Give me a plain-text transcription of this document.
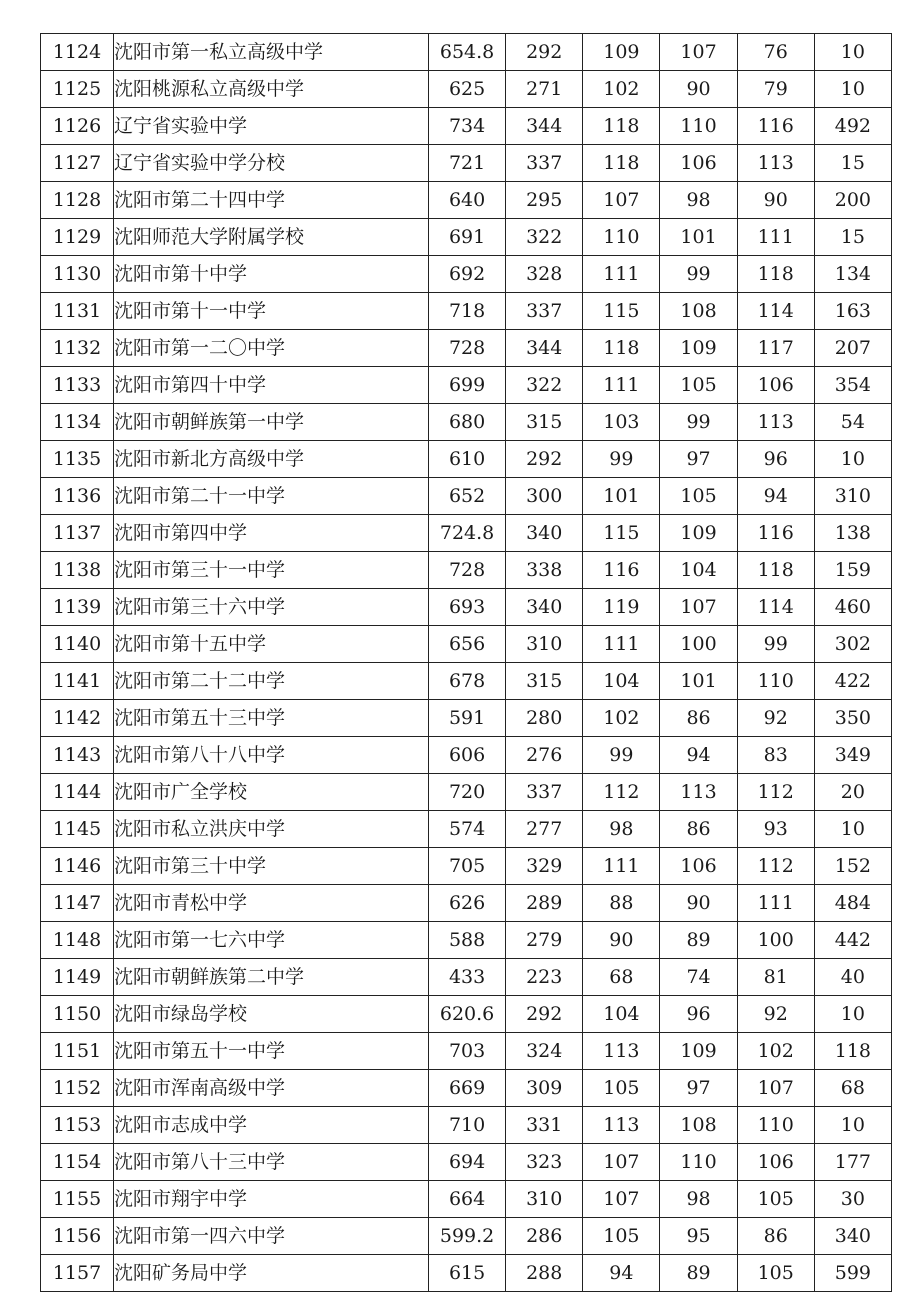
1124	沈阳市第一私立高级中学	654.8	292	109	107	76	10
1125	沈阳桃源私立高级中学	625	271	102	90	79	10
1126	辽宁省实验中学	734	344	118	110	116	492
1127	辽宁省实验中学分校	721	337	118	106	113	15
1128	沈阳市第二十四中学	640	295	107	98	90	200
1129	沈阳师范大学附属学校	691	322	110	101	111	15
1130	沈阳市第十中学	692	328	111	99	118	134
1131	沈阳市第十一中学	718	337	115	108	114	163
1132	沈阳市第一二〇中学	728	344	118	109	117	207
1133	沈阳市第四十中学	699	322	111	105	106	354
1134	沈阳市朝鲜族第一中学	680	315	103	99	113	54
1135	沈阳市新北方高级中学	610	292	99	97	96	10
1136	沈阳市第二十一中学	652	300	101	105	94	310
1137	沈阳市第四中学	724.8	340	115	109	116	138
1138	沈阳市第三十一中学	728	338	116	104	118	159
1139	沈阳市第三十六中学	693	340	119	107	114	460
1140	沈阳市第十五中学	656	310	111	100	99	302
1141	沈阳市第二十二中学	678	315	104	101	110	422
1142	沈阳市第五十三中学	591	280	102	86	92	350
1143	沈阳市第八十八中学	606	276	99	94	83	349
1144	沈阳市广全学校	720	337	112	113	112	20
1145	沈阳市私立洪庆中学	574	277	98	86	93	10
1146	沈阳市第三十中学	705	329	111	106	112	152
1147	沈阳市青松中学	626	289	88	90	111	484
1148	沈阳市第一七六中学	588	279	90	89	100	442
1149	沈阳市朝鲜族第二中学	433	223	68	74	81	40
1150	沈阳市绿岛学校	620.6	292	104	96	92	10
1151	沈阳市第五十一中学	703	324	113	109	102	118
1152	沈阳市浑南高级中学	669	309	105	97	107	68
1153	沈阳市志成中学	710	331	113	108	110	10
1154	沈阳市第八十三中学	694	323	107	110	106	177
1155	沈阳市翔宇中学	664	310	107	98	105	30
1156	沈阳市第一四六中学	599.2	286	105	95	86	340
1157	沈阳矿务局中学	615	288	94	89	105	599
